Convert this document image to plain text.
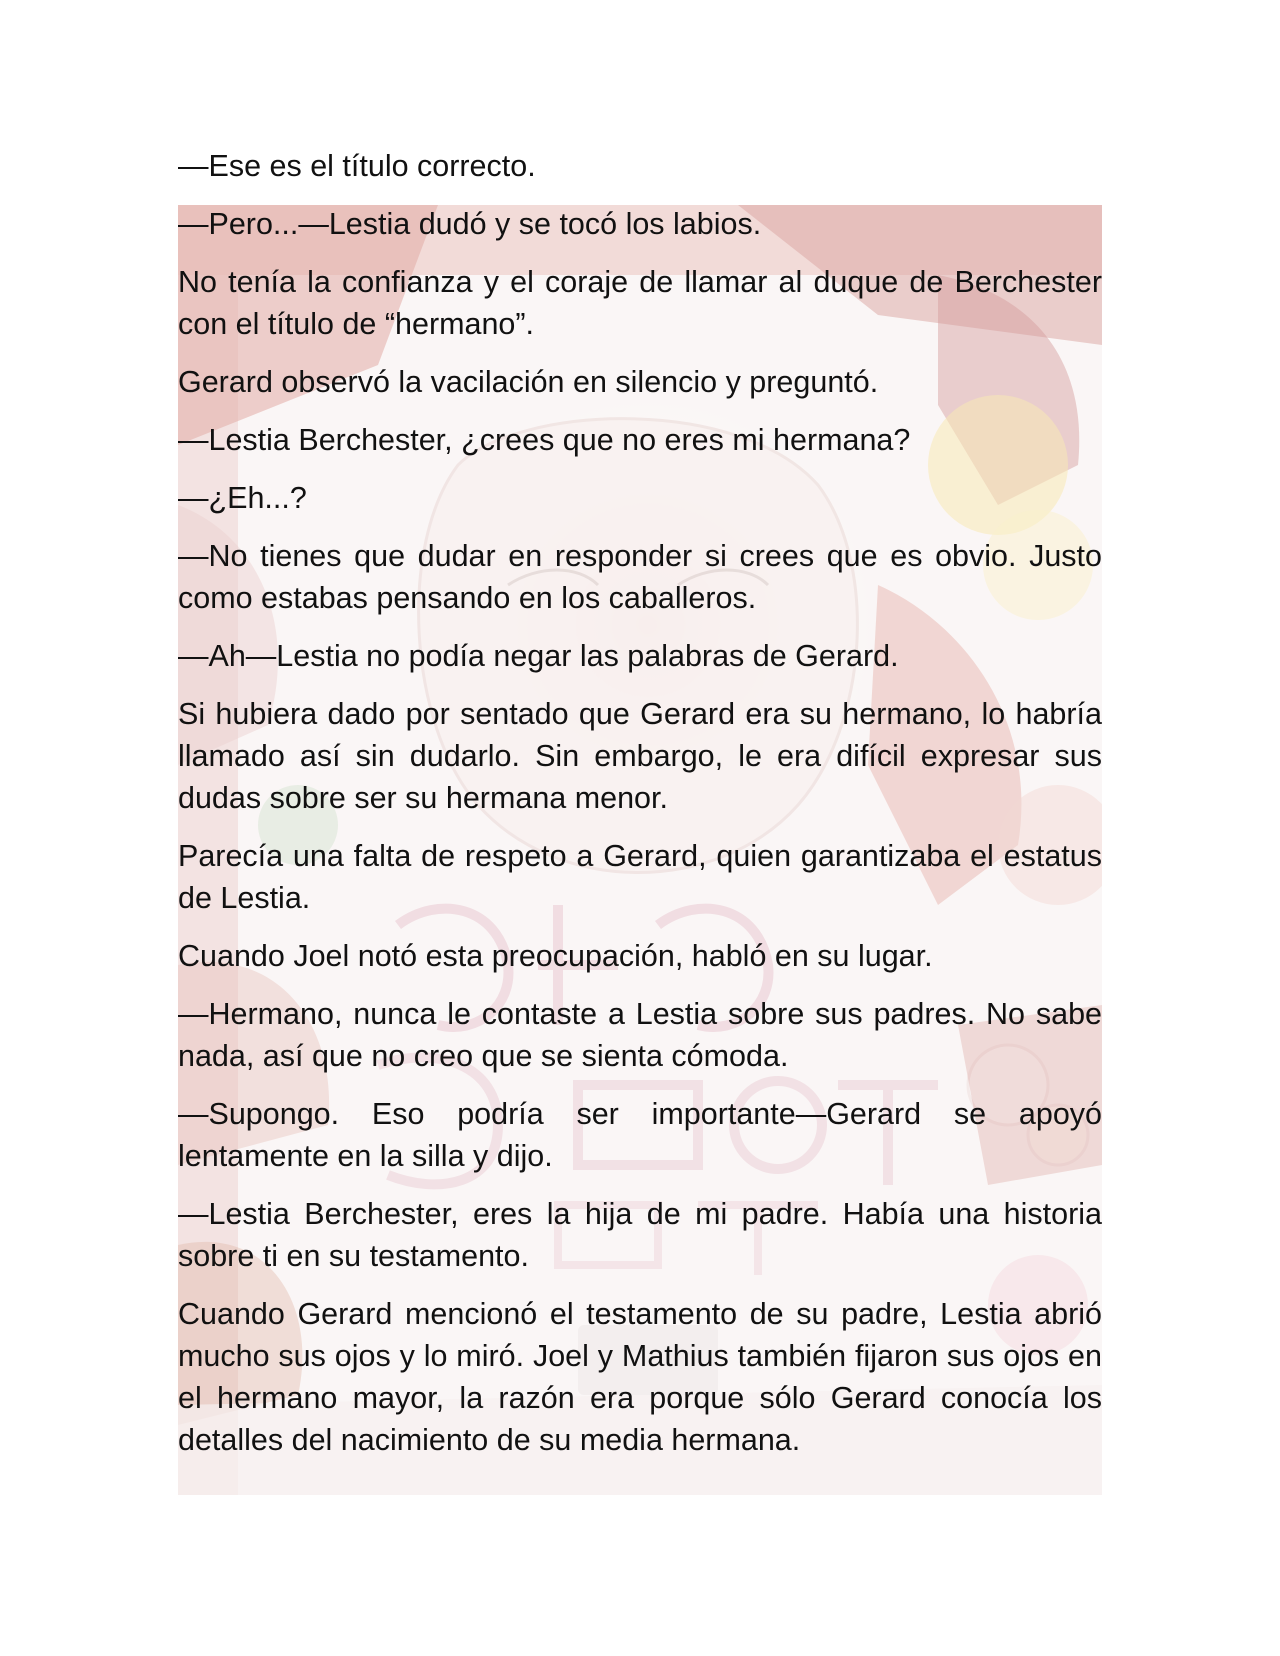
—Ese es el título correcto.

—Pero...—Lestia dudó y se tocó los labios.

No tenía la confianza y el coraje de llamar al duque de Berchester con el título de “hermano”.

Gerard observó la vacilación en silencio y preguntó.

—Lestia Berchester, ¿crees que no eres mi hermana?

—¿Eh...?

—No tienes que dudar en responder si crees que es obvio. Justo como estabas pensando en los caballeros.

—Ah—Lestia no podía negar las palabras de Gerard.

Si hubiera dado por sentado que Gerard era su hermano, lo habría llamado así sin dudarlo. Sin embargo, le era difícil expresar sus dudas sobre ser su hermana menor.

Parecía una falta de respeto a Gerard, quien garantizaba el estatus de Lestia.

Cuando Joel notó esta preocupación, habló en su lugar.

—Hermano, nunca le contaste a Lestia sobre sus padres. No sabe nada, así que no creo que se sienta cómoda.

—Supongo. Eso podría ser importante—Gerard se apoyó lentamente en la silla y dijo.

—Lestia Berchester, eres la hija de mi padre. Había una historia sobre ti en su testamento.

Cuando Gerard mencionó el testamento de su padre, Lestia abrió mucho sus ojos y lo miró. Joel y Mathius también fijaron sus ojos en el hermano mayor, la razón era porque sólo Gerard conocía los detalles del nacimiento de su media hermana.
